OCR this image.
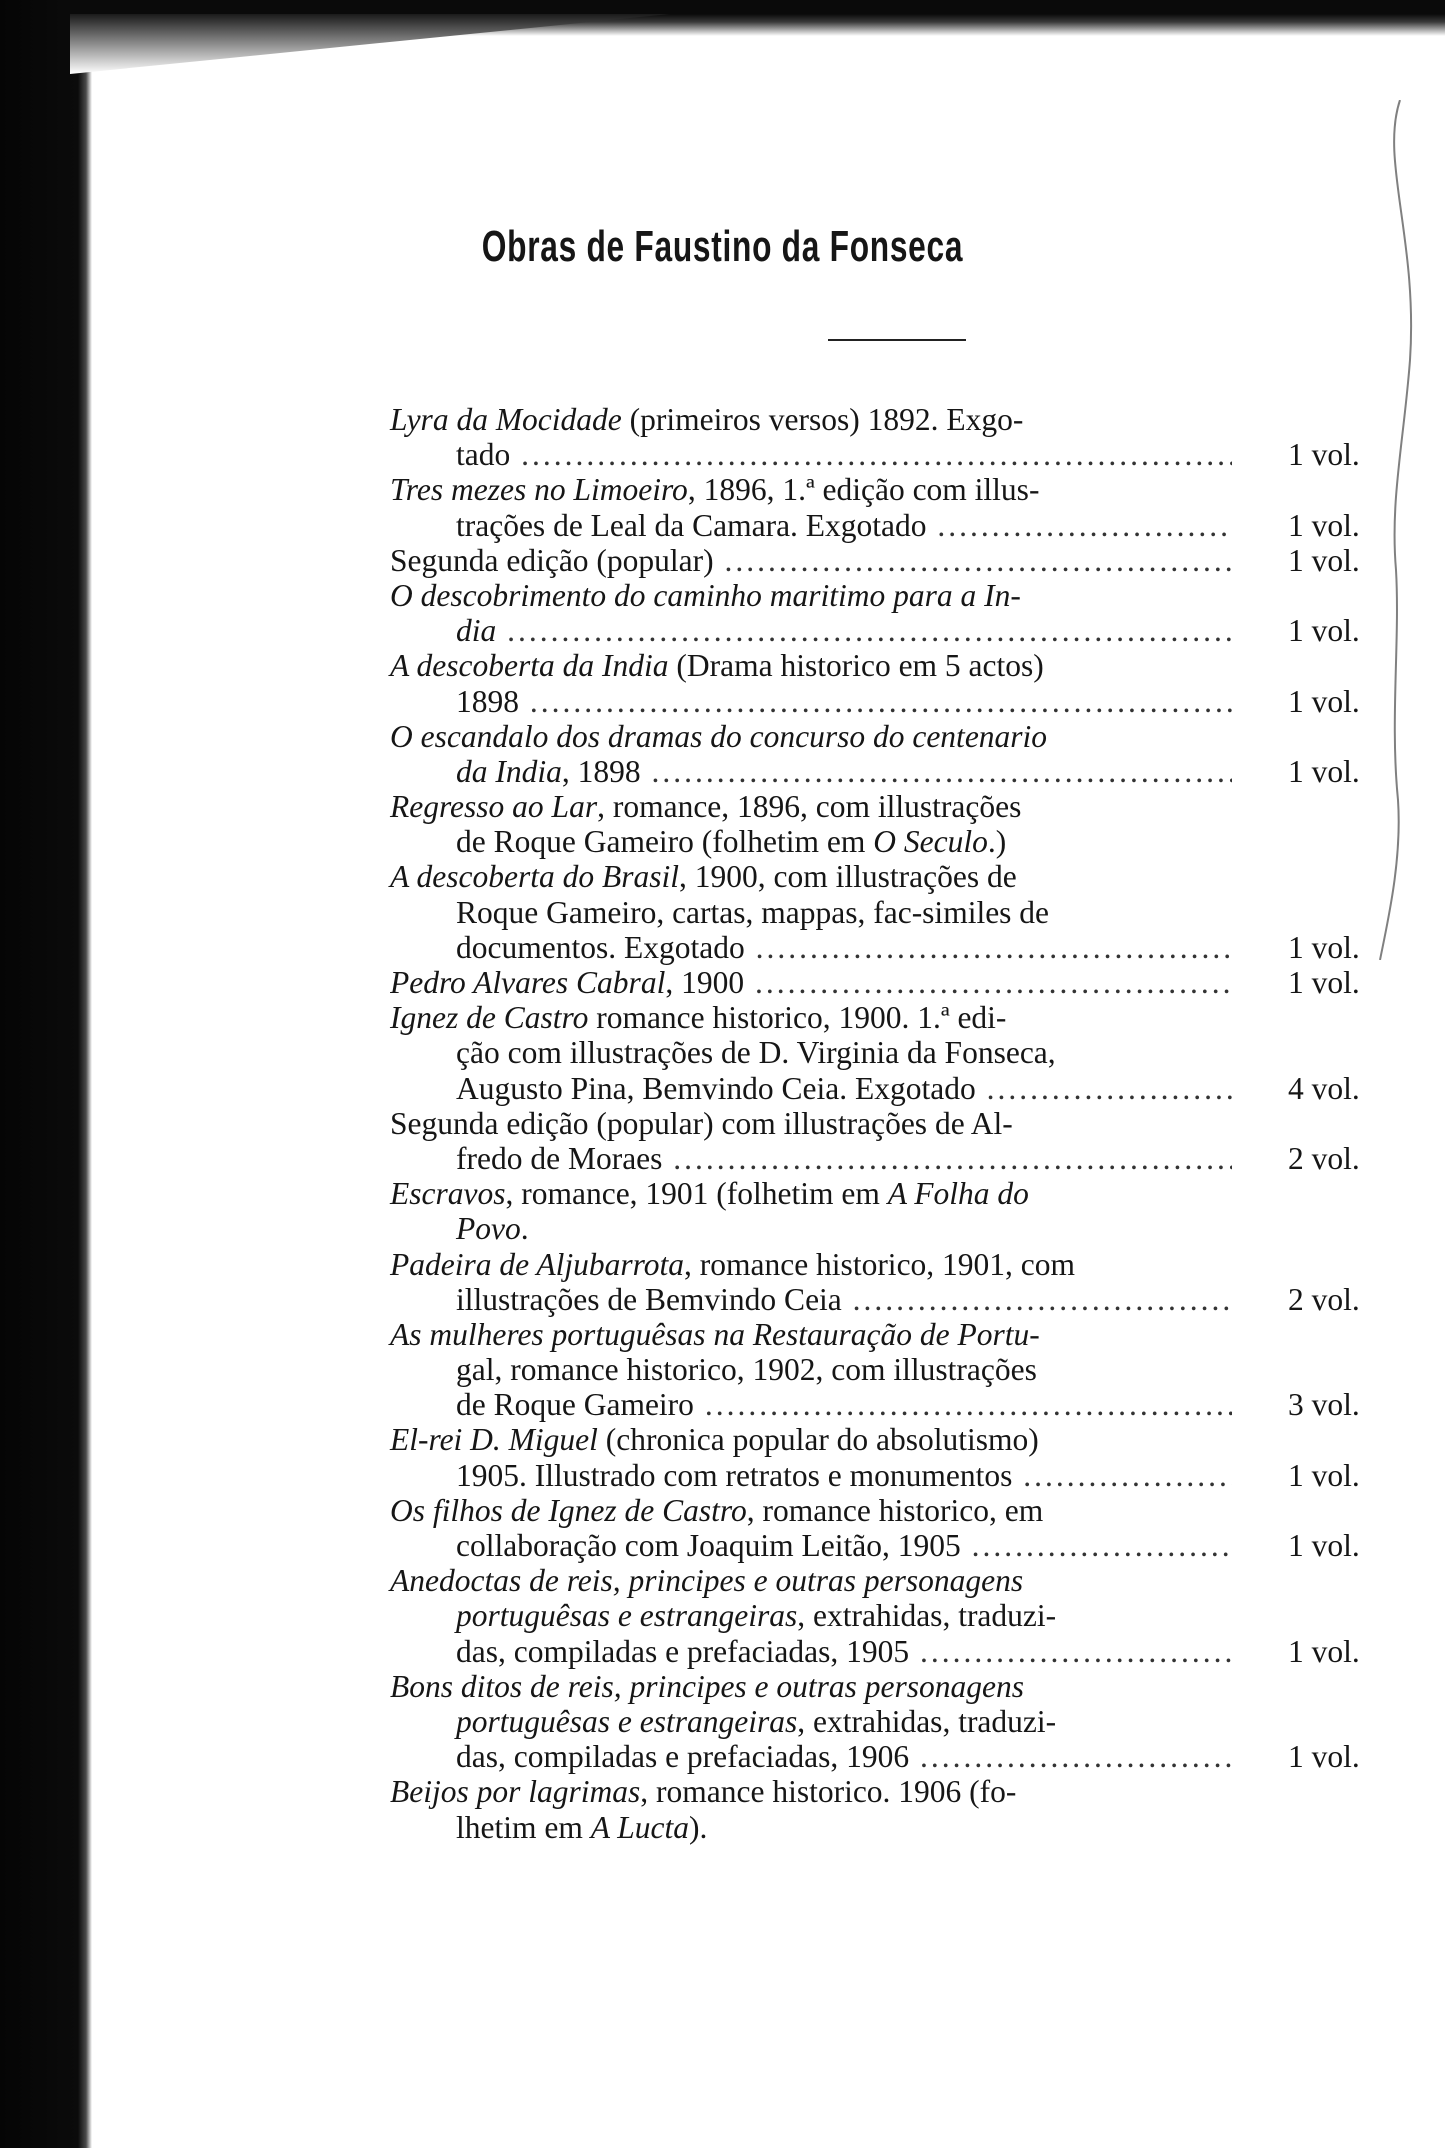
Obras de Faustino da Fonseca
Lyra da Mocidade (primeiros versos) 1892. Exgo-
tado .....	1 vol.
Tres mezes no Limoeiro, 1896, 1.ª edição com illus-
trações de Leal da Camara. Exgotado .....	1 vol.
Segunda edição (popular) .....	1 vol.
O descobrimento do caminho maritimo para a In-
dia .....	1 vol.
A descoberta da India (Drama historico em 5 actos)
1898 .....	1 vol.
O escandalo dos dramas do concurso do centenario
da India, 1898 .....	1 vol.
Regresso ao Lar, romance, 1896, com illustrações
de Roque Gameiro (folhetim em O Seculo.)
A descoberta do Brasil, 1900, com illustrações de
Roque Gameiro, cartas, mappas, fac-similes de
documentos. Exgotado .....	1 vol.
Pedro Alvares Cabral, 1900 .....	1 vol.
Ignez de Castro romance historico, 1900. 1.ª edi-
ção com illustrações de D. Virginia da Fonseca,
Augusto Pina, Bemvindo Ceia. Exgotado .....	4 vol.
Segunda edição (popular) com illustrações de Al-
fredo de Moraes .....	2 vol.
Escravos, romance, 1901 (folhetim em A Folha do
Povo.
Padeira de Aljubarrota, romance historico, 1901, com
illustrações de Bemvindo Ceia .....	2 vol.
As mulheres portuguêsas na Restauração de Portu-
gal, romance historico, 1902, com illustrações
de Roque Gameiro .....	3 vol.
El-rei D. Miguel (chronica popular do absolutismo)
1905. Illustrado com retratos e monumentos .....	1 vol.
Os filhos de Ignez de Castro, romance historico, em
collaboração com Joaquim Leitão, 1905 .....	1 vol.
Anedoctas de reis, principes e outras personagens
portuguêsas e estrangeiras, extrahidas, traduzi-
das, compiladas e prefaciadas, 1905 .....	1 vol.
Bons ditos de reis, principes e outras personagens
portuguêsas e estrangeiras, extrahidas, traduzi-
das, compiladas e prefaciadas, 1906 .....	1 vol.
Beijos por lagrimas, romance historico. 1906 (fo-
lhetim em A Lucta).
